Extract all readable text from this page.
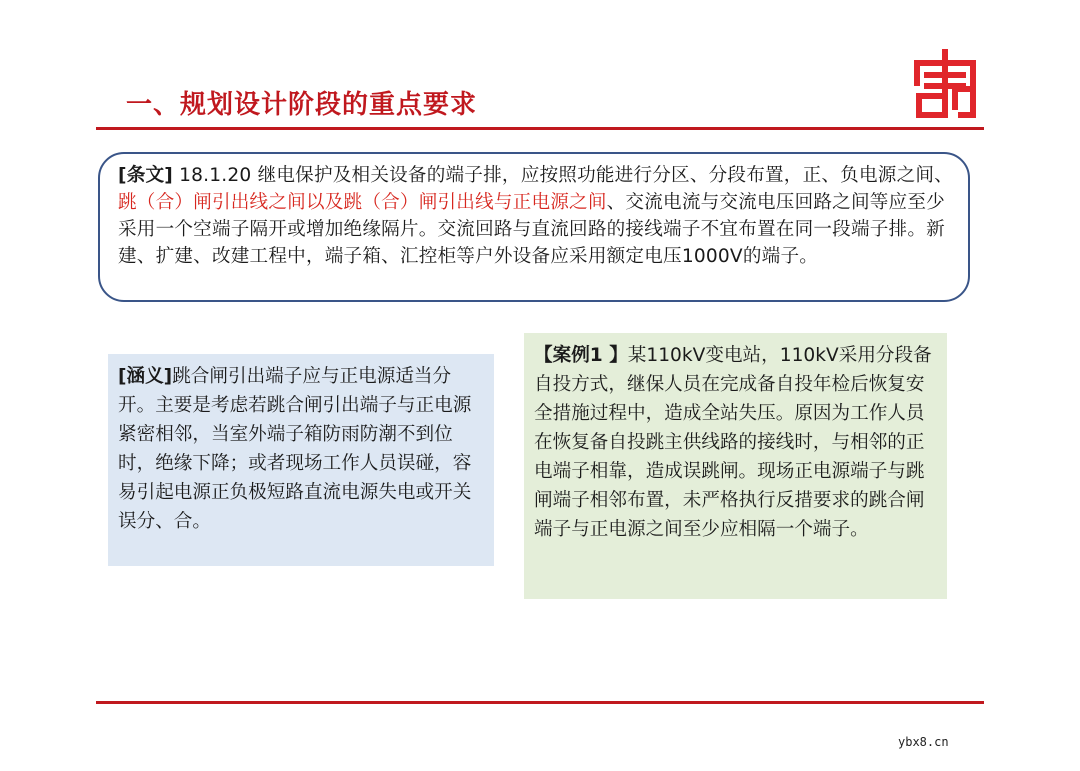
一、规划设计阶段的重点要求
[条文] 18.1.20 继电保护及相关设备的端子排，应按照功能进行分区、分段布置，正、负电源之间、跳（合）闸引出线之间以及跳（合）闸引出线与正电源之间、交流电流与交流电压回路之间等应至少采用一个空端子隔开或增加绝缘隔片。交流回路与直流回路的接线端子不宜布置在同一段端子排。新建、扩建、改建工程中，端子箱、汇控柜等户外设备应采用额定电压1000V的端子。
[涵义]跳合闸引出端子应与正电源适当分开。主要是考虑若跳合闸引出端子与正电源紧密相邻，当室外端子箱防雨防潮不到位时，绝缘下降；或者现场工作人员误碰，容易引起电源正负极短路直流电源失电或开关误分、合。
【案例1 】某110kV变电站，110kV采用分段备自投方式，继保人员在完成备自投年检后恢复安全措施过程中，造成全站失压。原因为工作人员在恢复备自投跳主供线路的接线时，与相邻的正电端子相靠，造成误跳闸。现场正电源端子与跳闸端子相邻布置，未严格执行反措要求的跳合闸端子与正电源之间至少应相隔一个端子。
ybx8.cn
